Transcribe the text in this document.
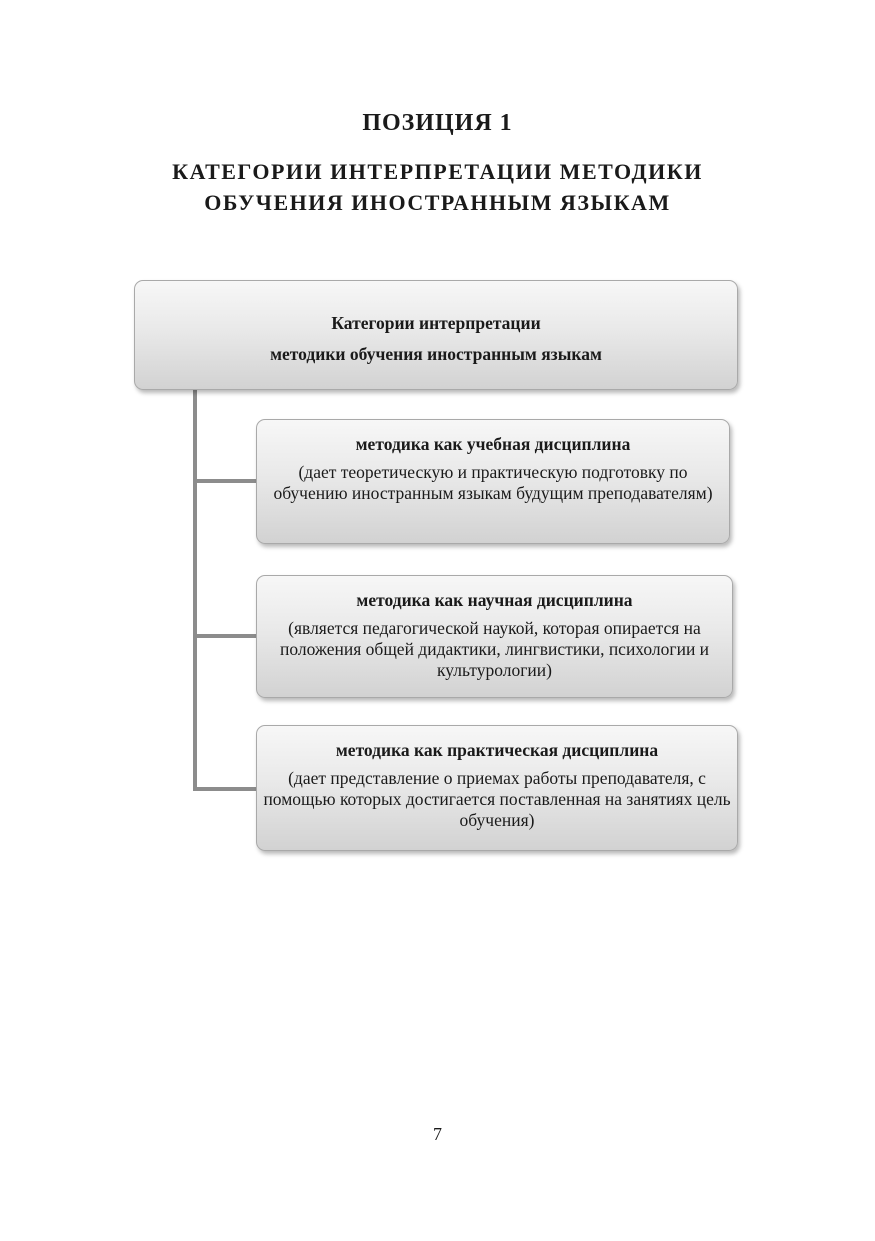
ПОЗИЦИЯ 1
КАТЕГОРИИ ИНТЕРПРЕТАЦИИ МЕТОДИКИ
ОБУЧЕНИЯ ИНОСТРАННЫМ ЯЗЫКАМ
Категории интерпретации
методики обучения иностранным языкам
методика как учебная дисциплина
(дает теоретическую и практическую подготовку по обучению иностранным языкам будущим преподавателям)
методика как научная дисциплина
(является педагогической наукой, которая опирается на положения общей дидактики, лингвистики, психологии и культурологии)
методика как практическая дисциплина
(дает представление о приемах работы преподавателя, с помощью которых достигается поставленная на занятиях цель обучения)
7
